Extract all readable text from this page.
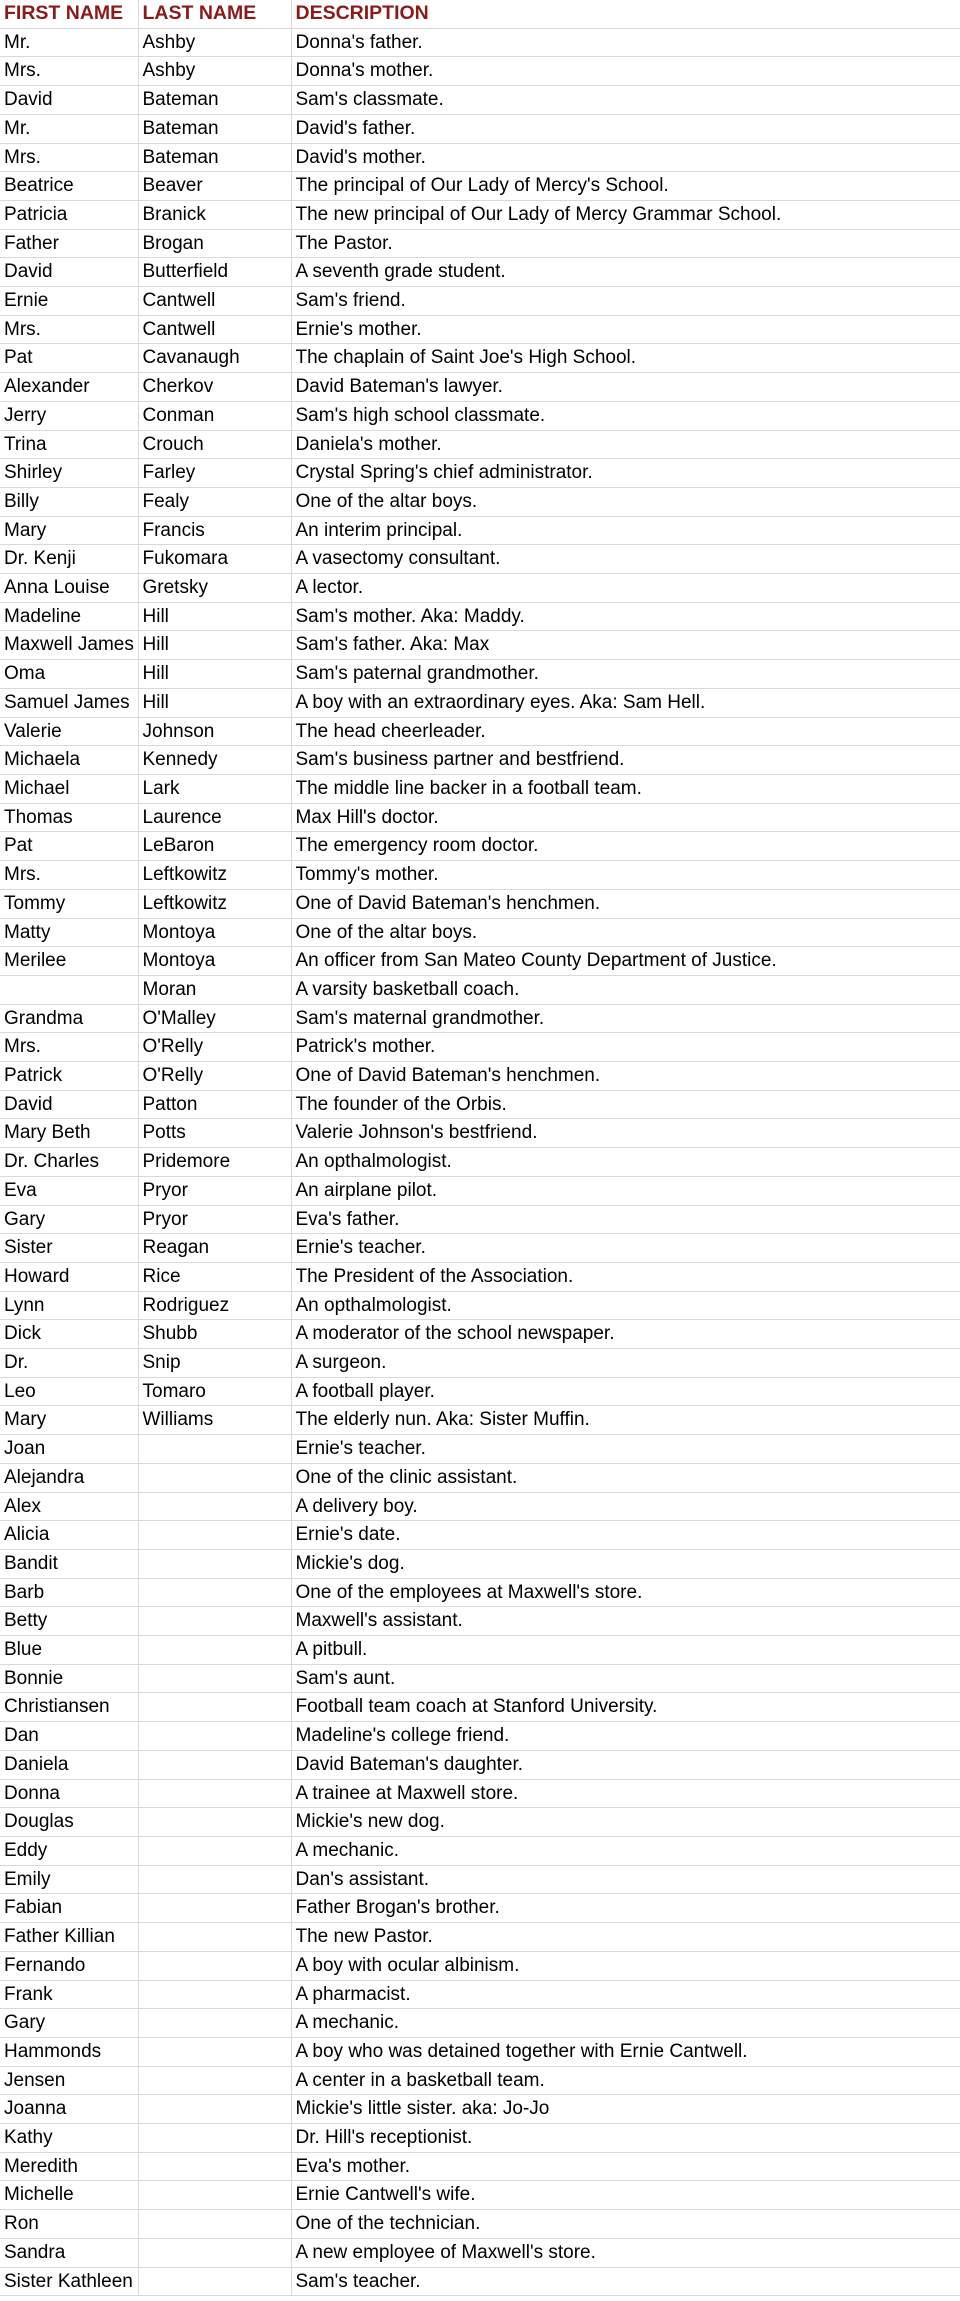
FIRST NAME	LAST NAME	DESCRIPTION
Mr.	Ashby	Donna's father.
Mrs.	Ashby	Donna's mother.
David	Bateman	Sam's classmate.
Mr.	Bateman	David's father.
Mrs.	Bateman	David's mother.
Beatrice	Beaver	The principal of Our Lady of Mercy's School.
Patricia	Branick	The new principal of Our Lady of Mercy Grammar School.
Father	Brogan	The Pastor.
David	Butterfield	A seventh grade student.
Ernie	Cantwell	Sam's friend.
Mrs.	Cantwell	Ernie's mother.
Pat	Cavanaugh	The chaplain of Saint Joe's High School.
Alexander	Cherkov	David Bateman's lawyer.
Jerry	Conman	Sam's high school classmate.
Trina	Crouch	Daniela's mother.
Shirley	Farley	Crystal Spring's chief administrator.
Billy	Fealy	One of the altar boys.
Mary	Francis	An interim principal.
Dr. Kenji	Fukomara	A vasectomy consultant.
Anna Louise	Gretsky	A lector.
Madeline	Hill	Sam's mother. Aka: Maddy.
Maxwell James	Hill	Sam's father. Aka: Max
Oma	Hill	Sam's paternal grandmother.
Samuel James	Hill	A boy with an extraordinary eyes. Aka: Sam Hell.
Valerie	Johnson	The head cheerleader.
Michaela	Kennedy	Sam's business partner and bestfriend.
Michael	Lark	The middle line backer in a football team.
Thomas	Laurence	Max Hill's doctor.
Pat	LeBaron	The emergency room doctor.
Mrs.	Leftkowitz	Tommy's mother.
Tommy	Leftkowitz	One of David Bateman's henchmen.
Matty	Montoya	One of the altar boys.
Merilee	Montoya	An officer from San Mateo County Department of Justice.
	Moran	A varsity basketball coach.
Grandma	O'Malley	Sam's maternal grandmother.
Mrs.	O'Relly	Patrick's mother.
Patrick	O'Relly	One of David Bateman's henchmen.
David	Patton	The founder of the Orbis.
Mary Beth	Potts	Valerie Johnson's bestfriend.
Dr. Charles	Pridemore	An opthalmologist.
Eva	Pryor	An airplane pilot.
Gary	Pryor	Eva's father.
Sister	Reagan	Ernie's teacher.
Howard	Rice	The President of the Association.
Lynn	Rodriguez	An opthalmologist.
Dick	Shubb	A moderator of the school newspaper.
Dr.	Snip	A surgeon.
Leo	Tomaro	A football player.
Mary	Williams	The elderly nun. Aka: Sister Muffin.
Joan		Ernie's teacher.
Alejandra		One of the clinic assistant.
Alex		A delivery boy.
Alicia		Ernie's date.
Bandit		Mickie's dog.
Barb		One of the employees at Maxwell's store.
Betty		Maxwell's assistant.
Blue		A pitbull.
Bonnie		Sam's aunt.
Christiansen		Football team coach at Stanford University.
Dan		Madeline's college friend.
Daniela		David Bateman's daughter.
Donna		A trainee at Maxwell store.
Douglas		Mickie's new dog.
Eddy		A mechanic.
Emily		Dan's assistant.
Fabian		Father Brogan's brother.
Father Killian		The new Pastor.
Fernando		A boy with ocular albinism.
Frank		A pharmacist.
Gary		A mechanic.
Hammonds		A boy who was detained together with Ernie Cantwell.
Jensen		A center in a basketball team.
Joanna		Mickie's little sister. aka: Jo-Jo
Kathy		Dr. Hill's receptionist.
Meredith		Eva's mother.
Michelle		Ernie Cantwell's wife.
Ron		One of the technician.
Sandra		A new employee of Maxwell's store.
Sister Kathleen		Sam's teacher.
